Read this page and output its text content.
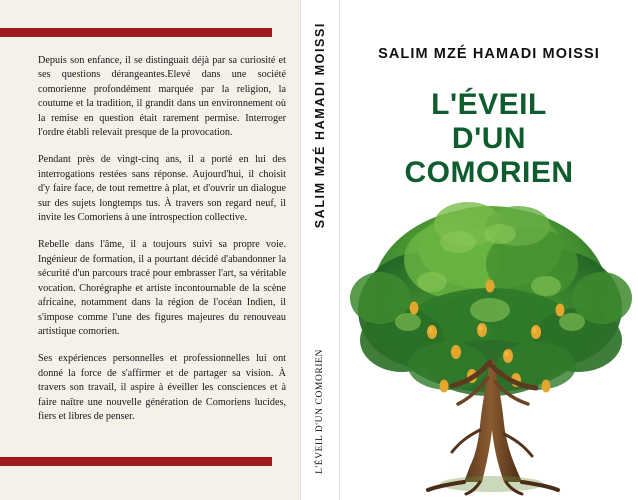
Depuis son enfance, il se distinguait déjà par sa curiosité et ses questions dérangeantes.Elevé dans une société comorienne profondément marquée par la religion, la coutume et la tradition, il grandit dans un environnement où la remise en question était rarement permise. Interroger l'ordre établi relevait presque de la provocation.

Pendant près de vingt-cinq ans, il a porté en lui des interrogations restées sans réponse. Aujourd'hui, il choisit d'y faire face, de tout remettre à plat, et d'ouvrir un dialogue sur des sujets longtemps tus. À travers son regard neuf, il invite les Comoriens à une introspection collective.

Rebelle dans l'âme, il a toujours suivi sa propre voie. Ingénieur de formation, il a pourtant décidé d'abandonner la sécurité d'un parcours tracé pour embrasser l'art, sa véritable vocation. Chorégraphe et artiste incontournable de la scène africaine, notamment dans la région de l'océan Indien, il s'impose comme l'une des figures majeures du renouveau artistique comorien.

Ses expériences personnelles et professionnelles lui ont donné la force de s'affirmer et de partager sa vision. À travers son travail, il aspire à éveiller les consciences et à faire naître une nouvelle génération de Comoriens lucides, fiers et libres de penser.

SALIM MZÉ HAMADI MOISSI
L'ÉVEIL D'UN COMORIEN
SALIM MZÉ HAMADI MOISSI
L'ÉVEIL
D'UN
COMORIEN
